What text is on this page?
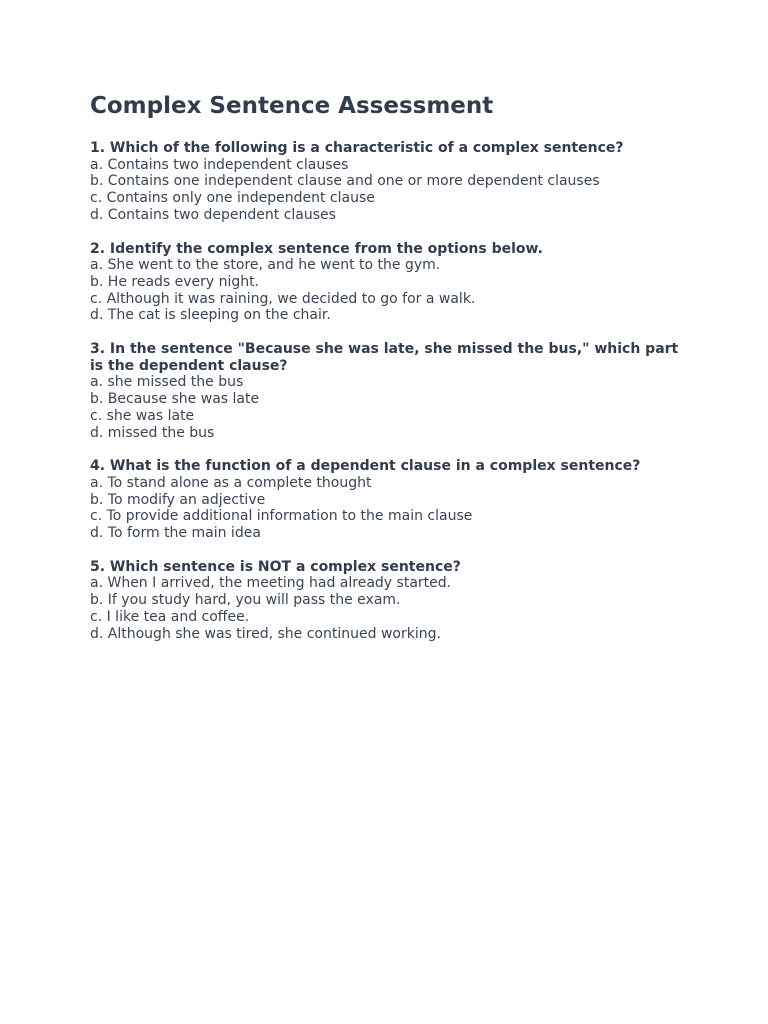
Complex Sentence Assessment

1. Which of the following is a characteristic of a complex sentence?

a. Contains two independent clauses

b. Contains one independent clause and one or more dependent clauses

c. Contains only one independent clause

d. Contains two dependent clauses

2. Identify the complex sentence from the options below.

a. She went to the store, and he went to the gym.

b. He reads every night.

c. Although it was raining, we decided to go for a walk.

d. The cat is sleeping on the chair.

3. In the sentence "Because she was late, she missed the bus," which part is the dependent clause?

a. she missed the bus

b. Because she was late

c. she was late

d. missed the bus

4. What is the function of a dependent clause in a complex sentence?

a. To stand alone as a complete thought

b. To modify an adjective

c. To provide additional information to the main clause

d. To form the main idea

5. Which sentence is NOT a complex sentence?

a. When I arrived, the meeting had already started.

b. If you study hard, you will pass the exam.

c. I like tea and coffee.

d. Although she was tired, she continued working.
